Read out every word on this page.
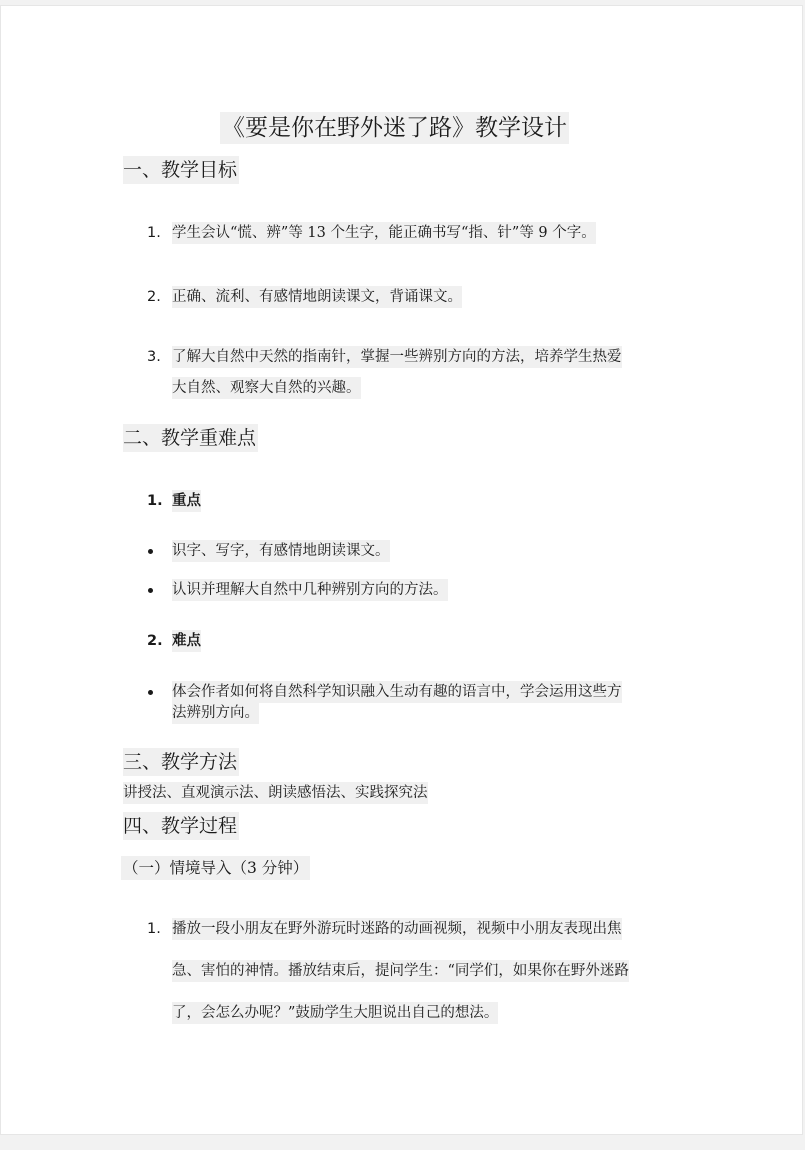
《要是你在野外迷了路》教学设计
一、教学目标
1. 学生会认“慌、辨”等 13 个生字，能正确书写“指、针”等 9 个字。
2. 正确、流利、有感情地朗读课文，背诵课文。
3. 了解大自然中天然的指南针，掌握一些辨别方向的方法，培养学生热爱
大自然、观察大自然的兴趣。
二、教学重难点
1. 重点
识字、写字，有感情地朗读课文。
认识并理解大自然中几种辨别方向的方法。
2. 难点
体会作者如何将自然科学知识融入生动有趣的语言中，学会运用这些方
法辨别方向。
三、教学方法
讲授法、直观演示法、朗读感悟法、实践探究法
四、教学过程
（一）情境导入（3 分钟）
1. 播放一段小朋友在野外游玩时迷路的动画视频，视频中小朋友表现出焦
急、害怕的神情。播放结束后，提问学生：“同学们，如果你在野外迷路
了，会怎么办呢？”鼓励学生大胆说出自己的想法。
